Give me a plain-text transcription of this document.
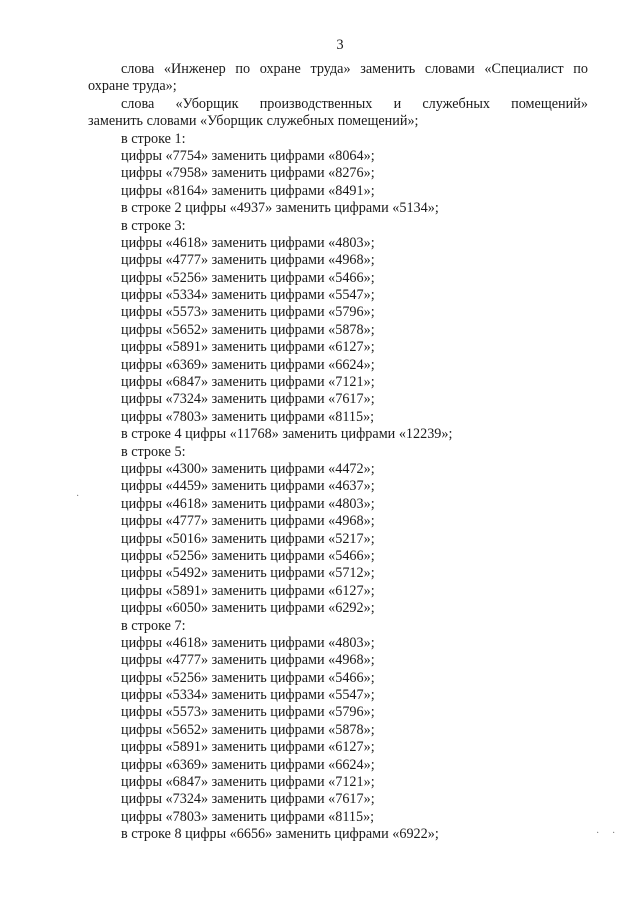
3
слова «Инженер по охране труда» заменить словами «Специалист по
охране труда»;
слова «Уборщик производственных и служебных помещений»
заменить словами «Уборщик служебных помещений»;
в строке 1:
цифры «7754» заменить цифрами «8064»;
цифры «7958» заменить цифрами «8276»;
цифры «8164» заменить цифрами «8491»;
в строке 2 цифры «4937» заменить цифрами «5134»;
в строке 3:
цифры «4618» заменить цифрами «4803»;
цифры «4777» заменить цифрами «4968»;
цифры «5256» заменить цифрами «5466»;
цифры «5334» заменить цифрами «5547»;
цифры «5573» заменить цифрами «5796»;
цифры «5652» заменить цифрами «5878»;
цифры «5891» заменить цифрами «6127»;
цифры «6369» заменить цифрами «6624»;
цифры «6847» заменить цифрами «7121»;
цифры «7324» заменить цифрами «7617»;
цифры «7803» заменить цифрами «8115»;
в строке 4 цифры «11768» заменить цифрами «12239»;
в строке 5:
цифры «4300» заменить цифрами «4472»;
цифры «4459» заменить цифрами «4637»;
цифры «4618» заменить цифрами «4803»;
цифры «4777» заменить цифрами «4968»;
цифры «5016» заменить цифрами «5217»;
цифры «5256» заменить цифрами «5466»;
цифры «5492» заменить цифрами «5712»;
цифры «5891» заменить цифрами «6127»;
цифры «6050» заменить цифрами «6292»;
в строке 7:
цифры «4618» заменить цифрами «4803»;
цифры «4777» заменить цифрами «4968»;
цифры «5256» заменить цифрами «5466»;
цифры «5334» заменить цифрами «5547»;
цифры «5573» заменить цифрами «5796»;
цифры «5652» заменить цифрами «5878»;
цифры «5891» заменить цифрами «6127»;
цифры «6369» заменить цифрами «6624»;
цифры «6847» заменить цифрами «7121»;
цифры «7324» заменить цифрами «7617»;
цифры «7803» заменить цифрами «8115»;
в строке 8 цифры «6656» заменить цифрами «6922»;	· ·
·
